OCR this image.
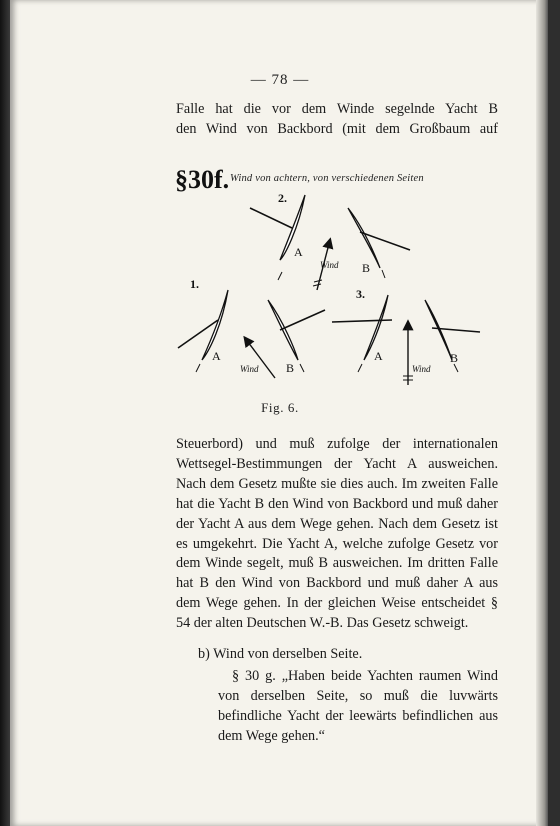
— 78 —

Falle hat die vor dem Winde segelnde Yacht B

den Wind von Backbord (mit dem Großbaum auf

§30f. Wind von achtern, von verschiedenen Seiten
2.
1.
3.
A
B
A
B
A	B
Wind
Wind	Wind
Fig. 6.

Steuerbord) und muß zufolge der internationalen Wettsegel-Bestimmungen der Yacht A ausweichen. Nach dem Gesetz mußte sie dies auch. Im zweiten Falle hat die Yacht B den Wind von Backbord und muß daher der Yacht A aus dem Wege gehen. Nach dem Gesetz ist es umgekehrt. Die Yacht A, welche zufolge Gesetz vor dem Winde segelt, muß B ausweichen. Im dritten Falle hat B den Wind von Backbord und muß daher A aus dem Wege gehen. In der gleichen Weise entscheidet § 54 der alten Deutschen W.-B. Das Gesetz schweigt.

b) Wind von derselben Seite.

§ 30 g. „Haben beide Yachten raumen Wind von derselben Seite, so muß die luvwärts befindliche Yacht der leewärts befindlichen aus dem Wege gehen.“
